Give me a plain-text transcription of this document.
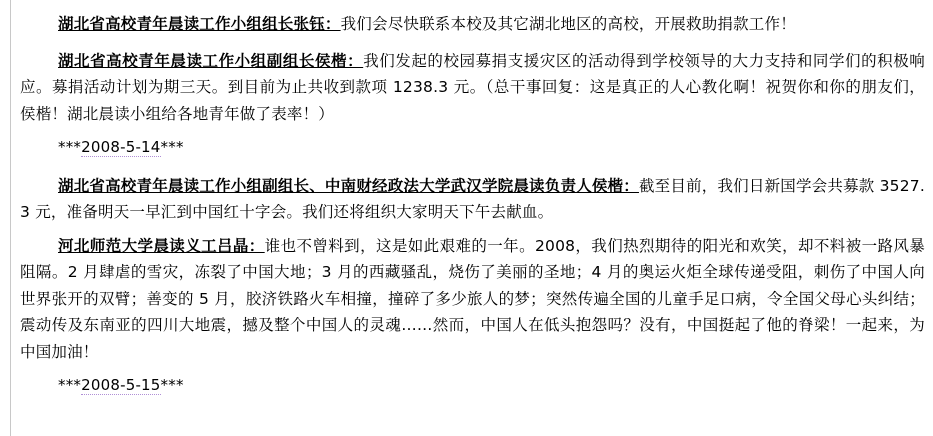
湖北省高校青年晨读工作小组组长张钰：我们会尽快联系本校及其它湖北地区的高校，开展救助捐款工作！

湖北省高校青年晨读工作小组副组长侯楷：我们发起的校园募捐支援灾区的活动得到学校领导的大力支持和同学们的积极响应。募捐活动计划为期三天。到目前为止共收到款项 1238.3 元。（总干事回复：这是真正的人心教化啊！祝贺你和你的朋友们，侯楷！湖北晨读小组给各地青年做了表率！）

***2008-5-14***

湖北省高校青年晨读工作小组副组长、中南财经政法大学武汉学院晨读负责人侯楷：截至目前，我们日新国学会共募款 3527.3 元，准备明天一早汇到中国红十字会。我们还将组织大家明天下午去献血。

河北师范大学晨读义工吕晶：谁也不曾料到，这是如此艰难的一年。2008，我们热烈期待的阳光和欢笑，却不料被一路风暴阻隔。2 月肆虐的雪灾，冻裂了中国大地；3 月的西藏骚乱，烧伤了美丽的圣地；4 月的奥运火炬全球传递受阻，刺伤了中国人向世界张开的双臂；善变的 5 月，胶济铁路火车相撞，撞碎了多少旅人的梦；突然传遍全国的儿童手足口病，令全国父母心头纠结；震动传及东南亚的四川大地震，撼及整个中国人的灵魂……然而，中国人在低头抱怨吗？没有，中国挺起了他的脊梁！一起来，为中国加油！

***2008-5-15***
